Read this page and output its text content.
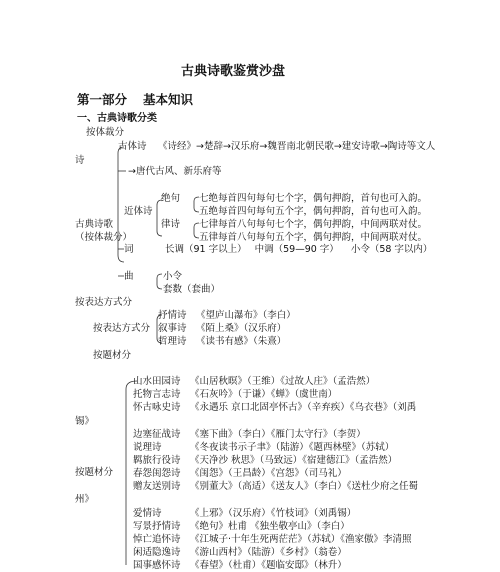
古典诗歌鉴赏沙盘
第一部分 基本知识
一、古典诗歌分类
按体裁分
古体诗 《诗经》→楚辞→汉乐府→魏晋南北朝民歌→建安诗歌→陶诗等文人
诗
→唐代古风、新乐府等
绝句 七绝每首四句每句七个字，偶句押韵，首句也可入韵。
五绝每首四句每句五个字，偶句押韵，首句也可入韵。
近体诗
古典诗歌	律诗 七律每首八句每句七个字，偶句押韵，中间两联对仗。
（按体裁分）	五律每首八句每句五个字，偶句押韵，中间两联对仗。
词	长调（91 字以上） 中调（59—90 字） 小令（58 字以内）
曲	小令
套数（套曲）
按表达方式分
按表达方式分
抒情诗 《望庐山瀑布》（李白）
叙事诗 《陌上桑》（汉乐府）
哲理诗 《读书有感》（朱熹）
按题材分
按题材分
州》
山水田园诗 《山居秋暝》（王维）《过故人庄》（孟浩然）
托物言志诗 《石灰吟》（于谦）《蝉》（虞世南）
怀古咏史诗 《永遇乐 京口北固亭怀古》（辛弃疾）《乌衣巷》（刘禹
锡》
边塞征战诗 《塞下曲》（李白）《雁门太守行》（李贺）
说理诗	《冬夜读书示子聿》（陆游）《题西林壁》（苏轼）
羁旅行役诗 《天净沙 秋思》（马致远）《宿建德江》（孟浩然）
春怨闺怨诗 《闺怨》（王昌龄）《宫怨》（司马礼）
赠友送别诗 《别董大》（高适）《送友人》（李白）《送杜少府之任蜀
爱情诗	《上邪》（汉乐府）《竹枝词》（刘禹锡）
写景抒情诗 《绝句》杜甫 《独坐敬亭山》（李白）
悼亡追怀诗 《江城子·十年生死两茫茫》（苏轼）《渔家傲》李清照
闲适隐逸诗 《游山西村》（陆游）《乡村》（翁卷）
国事感怀诗 《春望》（杜甫）《题临安邸》（林升）
